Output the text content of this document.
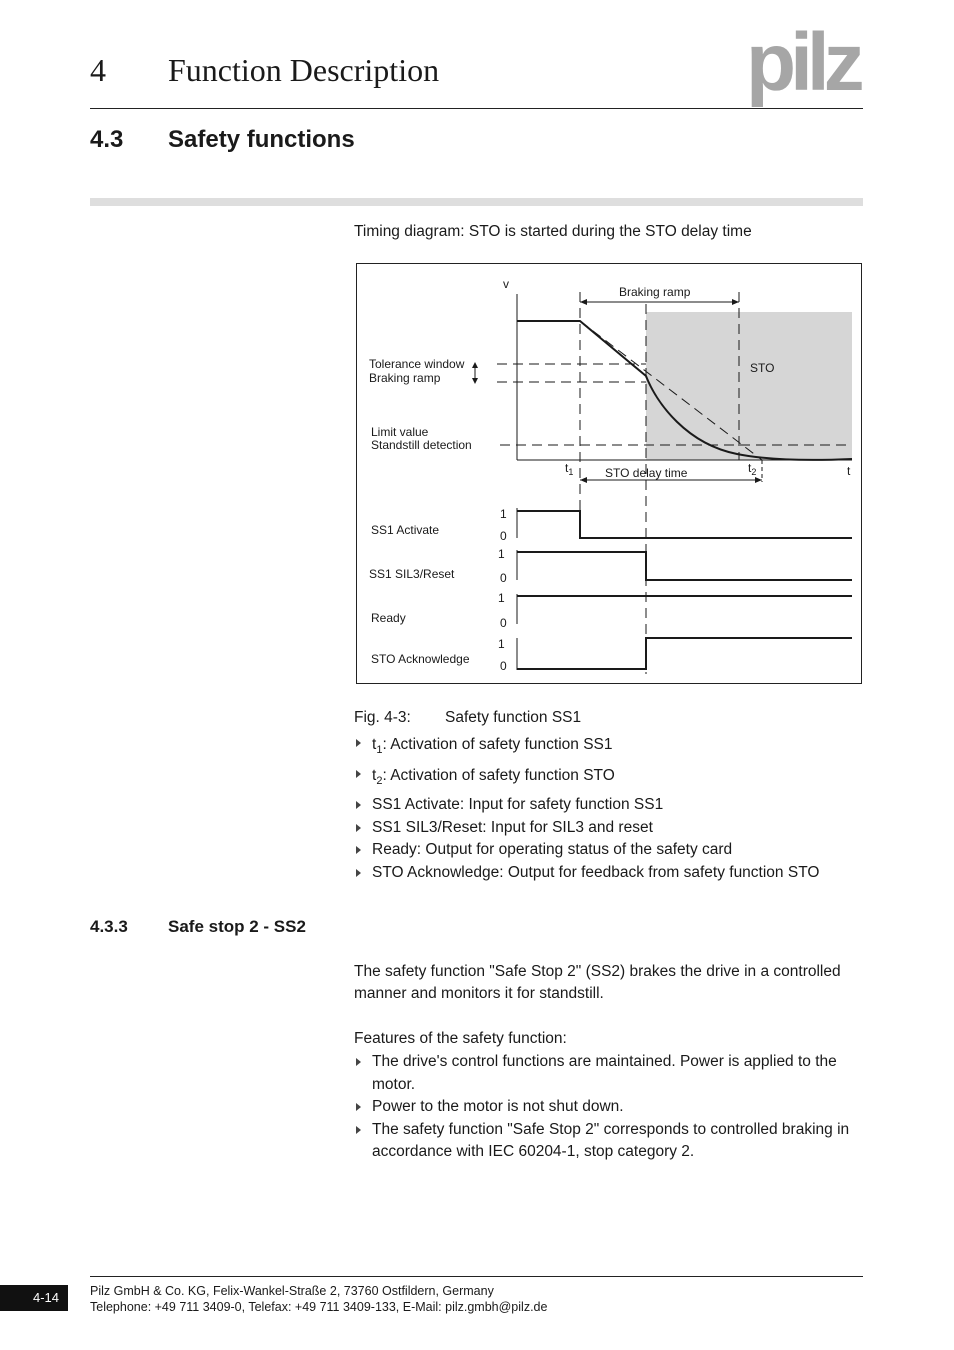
4 Function Description	pilz
4.3 Safety functions
Timing diagram: STO is started during the STO delay time
v
t
Braking ramp
STO
Tolerance window
Braking ramp
Limit value
Standstill detection
$t_1$	$t_2$
STO delay time
SS1 Activate
1
0
SS1 SIL3/Reset
1
0
Ready
1
0
STO Acknowledge
1
0
Fig. 4-3: Safety function SS1
$t_1$: Activation of safety function SS1
$t_2$: Activation of safety function STO
SS1 Activate: Input for safety function SS1
SS1 SIL3/Reset: Input for SIL3 and reset
Ready: Output for operating status of the safety card
STO Acknowledge: Output for feedback from safety function STO
4.3.3 Safe stop 2 - SS2
The safety function "Safe Stop 2" (SS2) brakes the drive in a controlled manner and monitors it for standstill.
Features of the safety function:
The drive's control functions are maintained. Power is applied to the motor.
Power to the motor is not shut down.
The safety function "Safe Stop 2" corresponds to controlled braking in accordance with IEC 60204-1, stop category 2.
4-14	Pilz GmbH & Co. KG, Felix-Wankel-Straße 2, 73760 Ostfildern, Germany
Telephone: +49 711 3409-0, Telefax: +49 711 3409-133, E-Mail: pilz.gmbh@pilz.de
